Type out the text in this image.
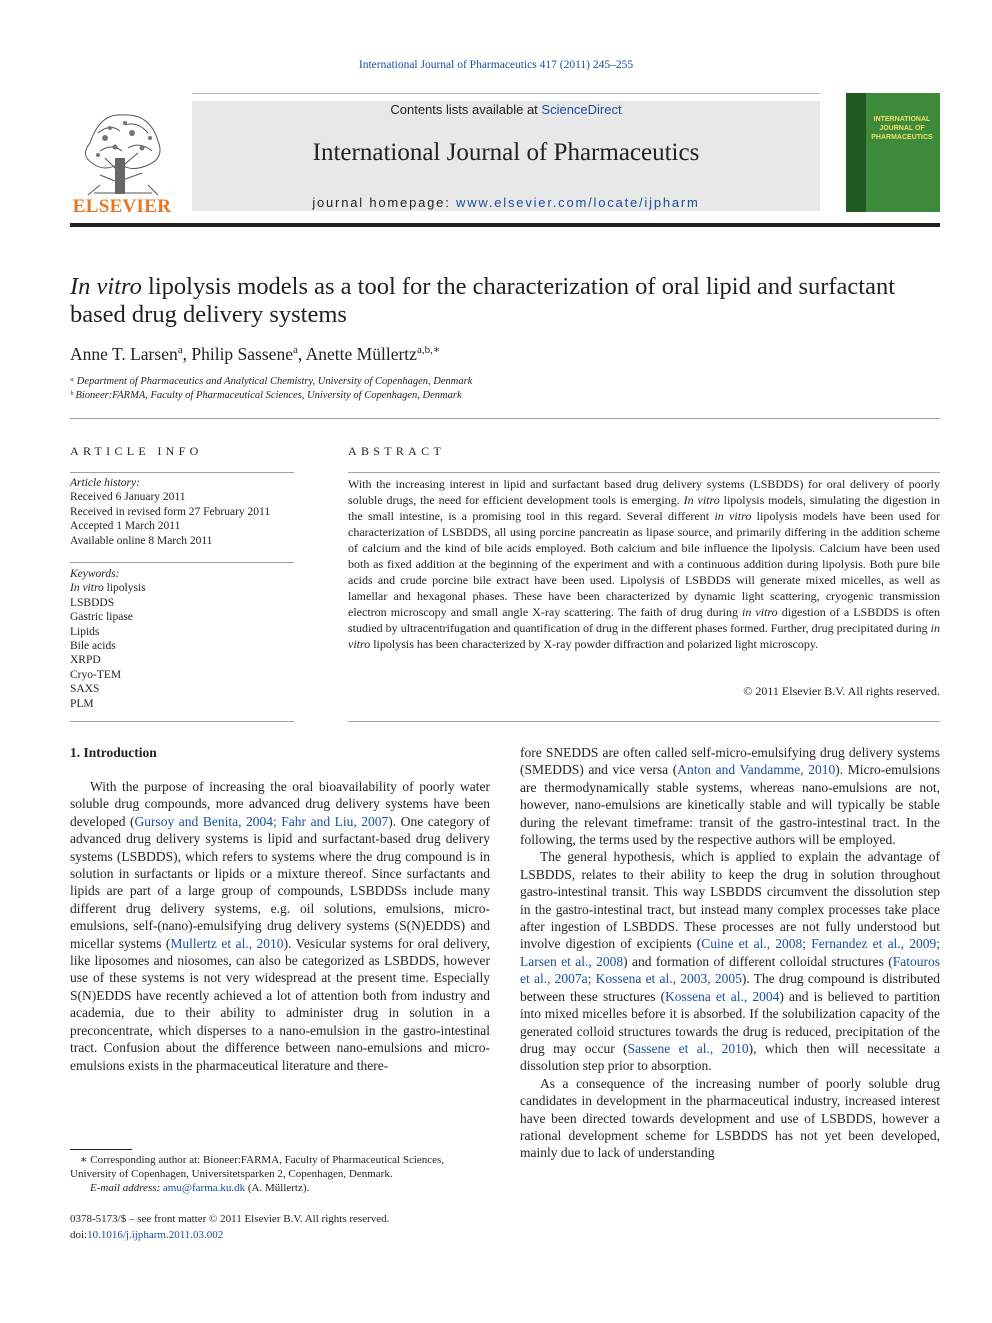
International Journal of Pharmaceutics 417 (2011) 245–255
ELSEVIER
Contents lists available at ScienceDirect
International Journal of Pharmaceutics
journal homepage: www.elsevier.com/locate/ijpharm
INTERNATIONAL JOURNAL OF PHARMACEUTICS
In vitro lipolysis models as a tool for the characterization of oral lipid and surfactant based drug delivery systems
Anne T. Larsen$^a$, Philip Sassene$^a$, Anette Müllertz$^{a,b,∗}$
ᵃ Department of Pharmaceutics and Analytical Chemistry, University of Copenhagen, Denmark
ᵇ Bioneer:FARMA, Faculty of Pharmaceutical Sciences, University of Copenhagen, Denmark
ARTICLE INFO
Article history:
Received 6 January 2011
Received in revised form 27 February 2011
Accepted 1 March 2011
Available online 8 March 2011
Keywords:
In vitro lipolysis
LSBDDS
Gastric lipase
Lipids
Bile acids
XRPD
Cryo-TEM
SAXS
PLM
ABSTRACT
With the increasing interest in lipid and surfactant based drug delivery systems (LSBDDS) for oral delivery of poorly soluble drugs, the need for efficient development tools is emerging. In vitro lipolysis models, simulating the digestion in the small intestine, is a promising tool in this regard. Several different in vitro lipolysis models have been used for characterization of LSBDDS, all using porcine pancreatin as lipase source, and primarily differing in the addition scheme of calcium and the kind of bile acids employed. Both calcium and bile influence the lipolysis. Calcium have been used both as fixed addition at the beginning of the experiment and with a continuous addition during lipolysis. Both pure bile acids and crude porcine bile extract have been used. Lipolysis of LSBDDS will generate mixed micelles, as well as lamellar and hexagonal phases. These have been characterized by dynamic light scattering, cryogenic transmission electron microscopy and small angle X-ray scattering. The faith of drug during in vitro digestion of a LSBDDS is often studied by ultracentrifugation and quantification of drug in the different phases formed. Further, drug precipitated during in vitro lipolysis has been characterized by X-ray powder diffraction and polarized light microscopy.
© 2011 Elsevier B.V. All rights reserved.
1. Introduction

With the purpose of increasing the oral bioavailability of poorly water soluble drug compounds, more advanced drug delivery systems have been developed (Gursoy and Benita, 2004; Fahr and Liu, 2007). One category of advanced drug delivery systems is lipid and surfactant-based drug delivery systems (LSBDDS), which refers to systems where the drug compound is in solution in surfactants or lipids or a mixture thereof. Since surfactants and lipids are part of a large group of compounds, LSBDDSs include many different drug delivery systems, e.g. oil solutions, emulsions, micro-emulsions, self-(nano)-emulsifying drug delivery systems (S(N)EDDS) and micellar systems (Mullertz et al., 2010). Vesicular systems for oral delivery, like liposomes and niosomes, can also be categorized as LSBDDS, however use of these systems is not very widespread at the present time. Especially S(N)EDDS have recently achieved a lot of attention both from industry and academia, due to their ability to administer drug in solution in a preconcentrate, which disperses to a nano-emulsion in the gastro-intestinal tract. Confusion about the difference between nano-emulsions and micro-emulsions exists in the pharmaceutical literature and there-

fore SNEDDS are often called self-micro-emulsifying drug delivery systems (SMEDDS) and vice versa (Anton and Vandamme, 2010). Micro-emulsions are thermodynamically stable systems, whereas nano-emulsions are not, however, nano-emulsions are kinetically stable and will typically be stable during the relevant timeframe: transit of the gastro-intestinal tract. In the following, the terms used by the respective authors will be employed.

The general hypothesis, which is applied to explain the advantage of LSBDDS, relates to their ability to keep the drug in solution throughout gastro-intestinal transit. This way LSBDDS circumvent the dissolution step in the gastro-intestinal tract, but instead many complex processes take place after ingestion of LSBDDS. These processes are not fully understood but involve digestion of excipients (Cuine et al., 2008; Fernandez et al., 2009; Larsen et al., 2008) and formation of different colloidal structures (Fatouros et al., 2007a; Kossena et al., 2003, 2005). The drug compound is distributed between these structures (Kossena et al., 2004) and is believed to partition into mixed micelles before it is absorbed. If the solubilization capacity of the generated colloid structures towards the drug is reduced, precipitation of the drug may occur (Sassene et al., 2010), which then will necessitate a dissolution step prior to absorption.

As a consequence of the increasing number of poorly soluble drug candidates in development in the pharmaceutical industry, increased interest have been directed towards development and use of LSBDDS, however a rational development scheme for LSBDDS has not yet been developed, mainly due to lack of understanding

∗ Corresponding author at: Bioneer:FARMA, Faculty of Pharmaceutical Sciences, University of Copenhagen, Universitetsparken 2, Copenhagen, Denmark.
E-mail address: amu@farma.ku.dk (A. Müllertz).
0378-5173/$ – see front matter © 2011 Elsevier B.V. All rights reserved.
doi:10.1016/j.ijpharm.2011.03.002
